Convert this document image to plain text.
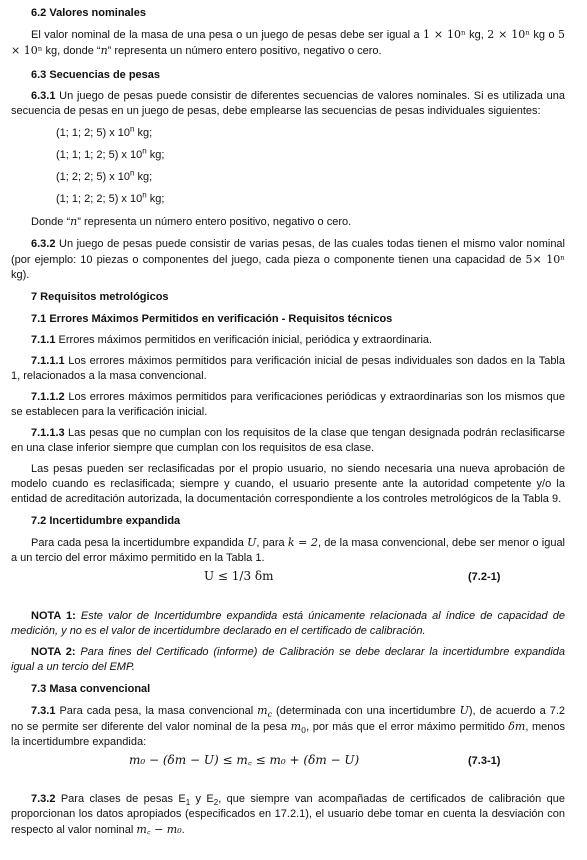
6.2 Valores nominales

El valor nominal de la masa de una pesa o un juego de pesas debe ser igual a 1 × 10ⁿ kg, 2 × 10ⁿ kg o 5 × 10ⁿ kg, donde “n” representa un número entero positivo, negativo o cero.

6.3 Secuencias de pesas

6.3.1 Un juego de pesas puede consistir de diferentes secuencias de valores nominales. Si es utilizada una secuencia de pesas en un juego de pesas, debe emplearse las secuencias de pesas individuales siguientes:

(1; 1; 2; 5) x 10$^n$ kg;
(1; 1; 1; 2; 5) x 10$^n$ kg;
(1; 2; 2; 5) x 10$^n$ kg;
(1; 1; 2; 2; 5) x 10$^n$ kg;

Donde “n” representa un número entero positivo, negativo o cero.

6.3.2 Un juego de pesas puede consistir de varias pesas, de las cuales todas tienen el mismo valor nominal (por ejemplo: 10 piezas o componentes del juego, cada pieza o componente tienen una capacidad de 5× 10ⁿ kg).

7 Requisitos metrológicos

7.1 Errores Máximos Permitidos en verificación - Requisitos técnicos

7.1.1 Errores máximos permitidos en verificación inicial, periódica y extraordinaria.

7.1.1.1 Los errores máximos permitidos para verificación inicial de pesas individuales son dados en la Tabla 1, relacionados a la masa convencional.

7.1.1.2 Los errores máximos permitidos para verificaciones periódicas y extraordinarias son los mismos que se establecen para la verificación inicial.

7.1.1.3 Las pesas que no cumplan con los requisitos de la clase que tengan designada podrán reclasificarse en una clase inferior siempre que cumplan con los requisitos de esa clase.

Las pesas pueden ser reclasificadas por el propio usuario, no siendo necesaria una nueva aprobación de modelo cuando es reclasificada; siempre y cuando, el usuario presente ante la autoridad competente y/o la entidad de acreditación autorizada, la documentación correspondiente a los controles metrológicos de la Tabla 9.

7.2 Incertidumbre expandida

Para cada pesa la incertidumbre expandida U, para k = 2, de la masa convencional, debe ser menor o igual a un tercio del error máximo permitido en la Tabla 1.

U ≤ 1/3 δm	(7.2-1)

NOTA 1: Este valor de Incertidumbre expandida está únicamente relacionada al índice de capacidad de medición, y no es el valor de incertidumbre declarado en el certificado de calibración.

NOTA 2: Para fines del Certificado (informe) de Calibración se debe declarar la incertidumbre expandida igual a un tercio del EMP.

7.3 Masa convencional

7.3.1 Para cada pesa, la masa convencional $m_c$ (determinada con una incertidumbre U), de acuerdo a 7.2 no se permite ser diferente del valor nominal de la pesa $m_0$, por más que el error máximo permitido δm, menos la incertidumbre expandida:

m₀ − (δm − U) ≤ m꜀ ≤ m₀ + (δm − U)	(7.3-1)

7.3.2 Para clases de pesas $E_1$ y $E_2$, que siempre van acompañadas de certificados de calibración que proporcionan los datos apropiados (especificados en 17.2.1), el usuario debe tomar en cuenta la desviación con respecto al valor nominal m꜀ − m₀.
